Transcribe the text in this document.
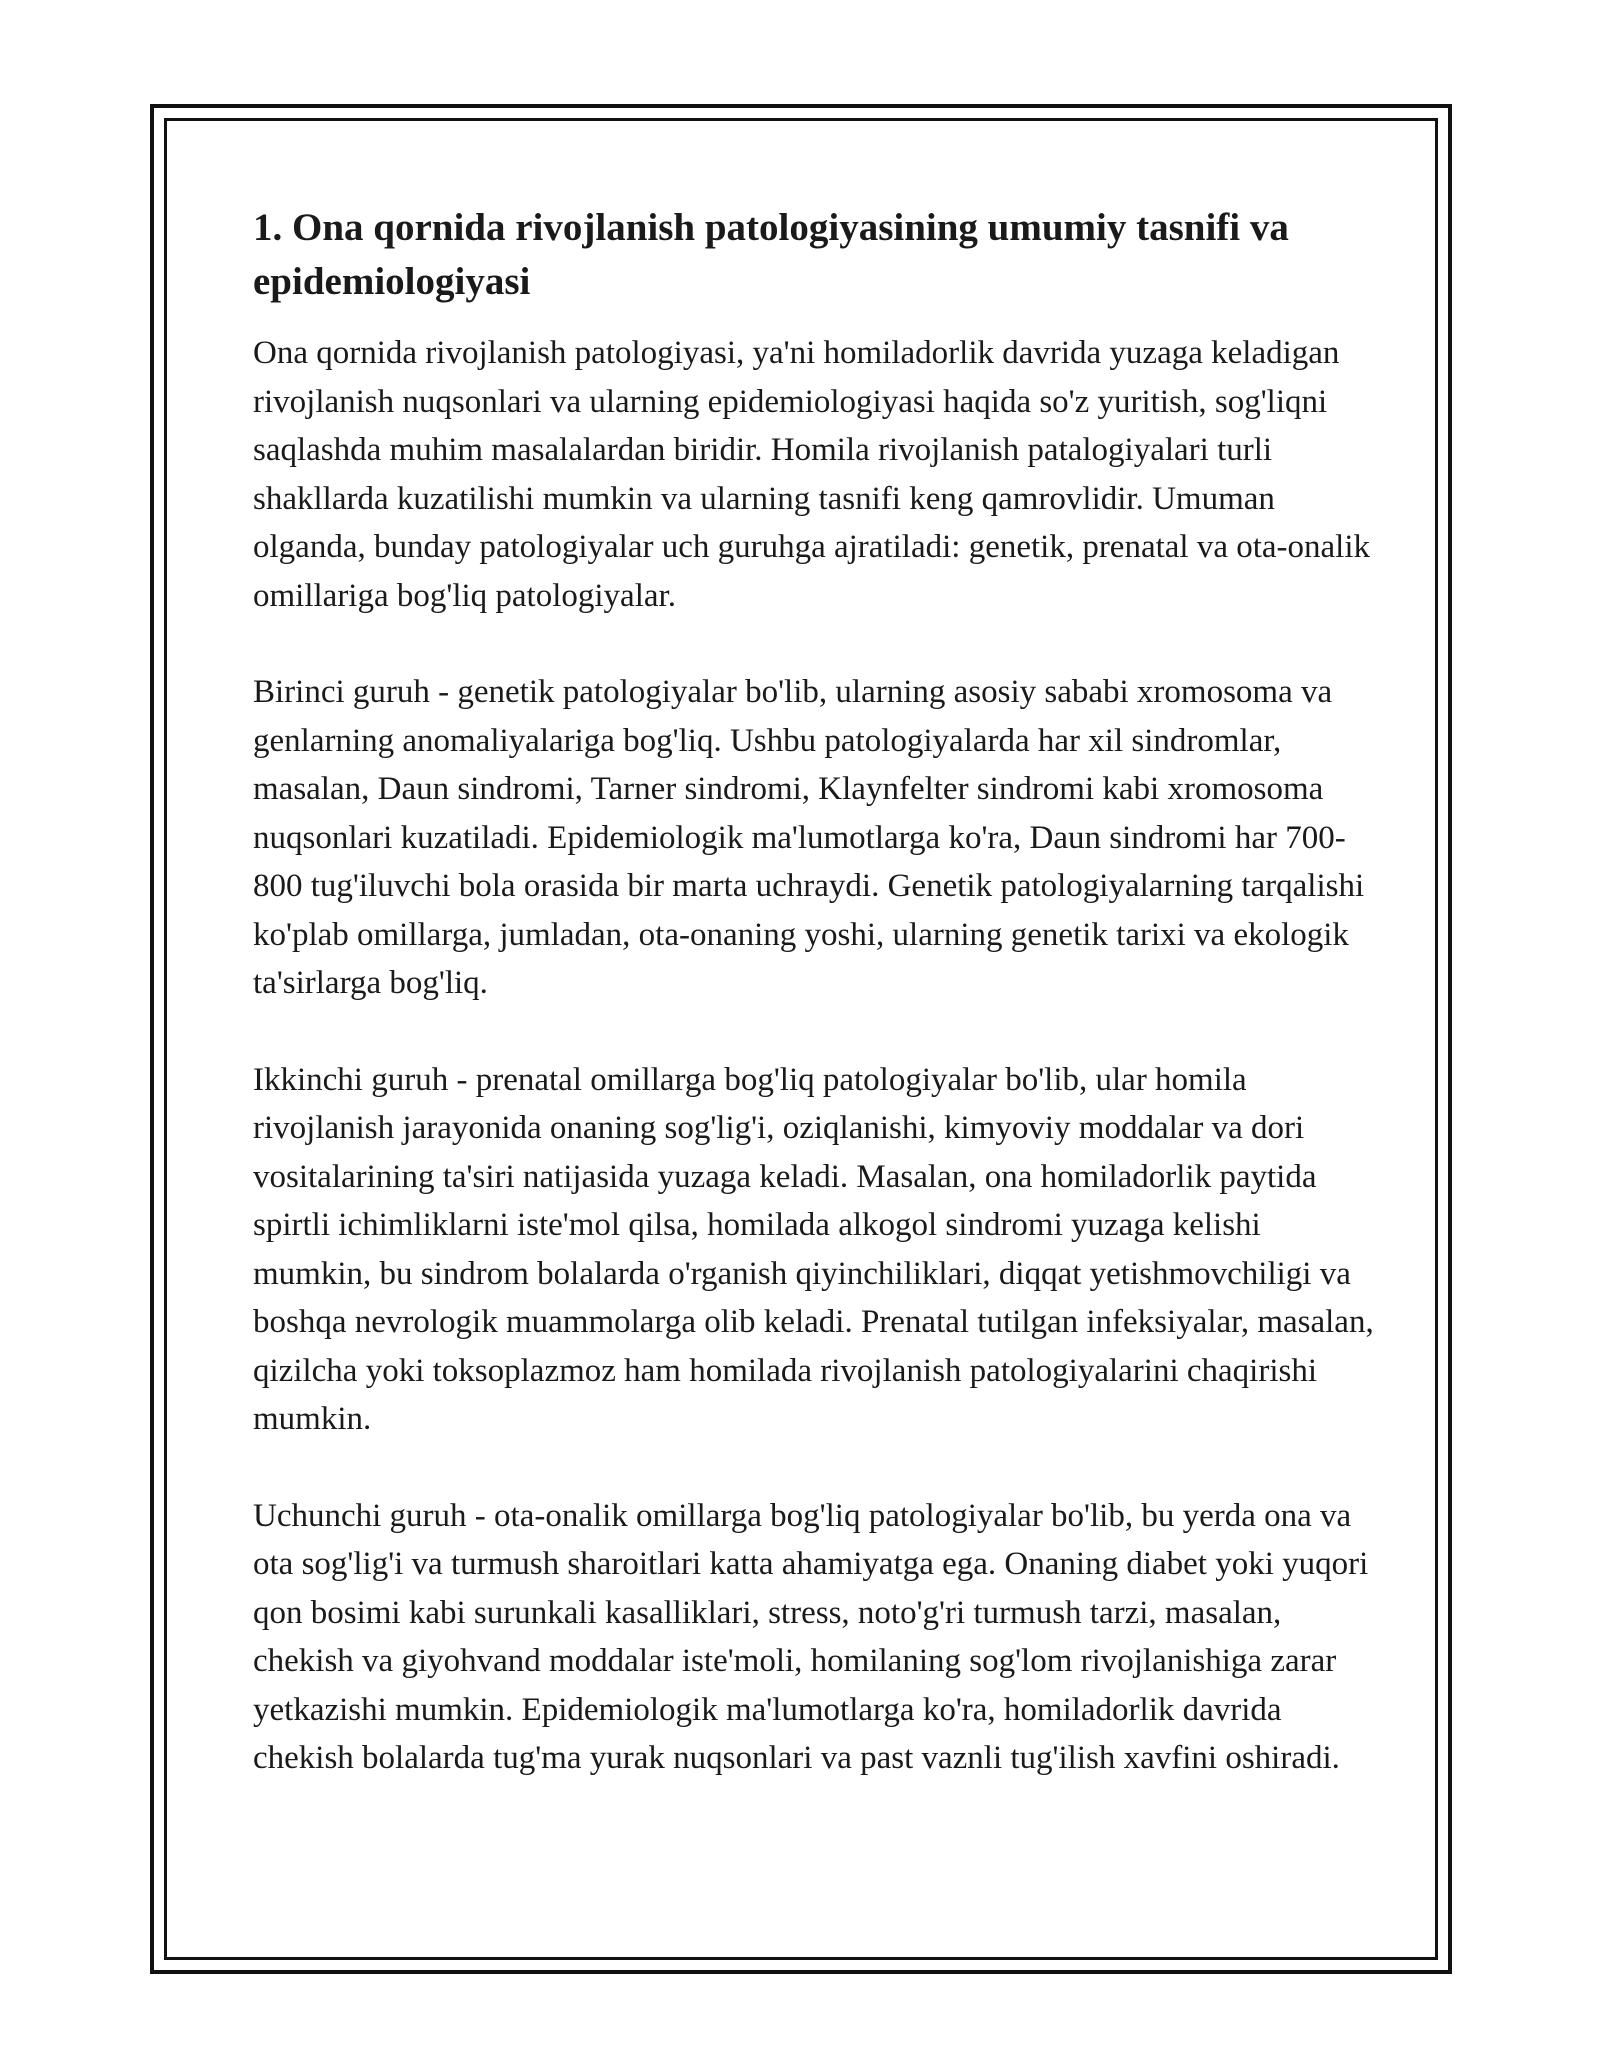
1. Ona qornida rivojlanish patologiyasining umumiy tasnifi va epidemiologiyasi

Ona qornida rivojlanish patologiyasi, ya'ni homiladorlik davrida yuzaga keladigan rivojlanish nuqsonlari va ularning epidemiologiyasi haqida so'z yuritish, sog'liqni saqlashda muhim masalalardan biridir. Homila rivojlanish patalogiyalari turli shakllarda kuzatilishi mumkin va ularning tasnifi keng qamrovlidir. Umuman olganda, bunday patologiyalar uch guruhga ajratiladi: genetik, prenatal va ota-onalik omillariga bog'liq patologiyalar.

Birinci guruh - genetik patologiyalar bo'lib, ularning asosiy sababi xromosoma va genlarning anomaliyalariga bog'liq. Ushbu patologiyalarda har xil sindromlar, masalan, Daun sindromi, Tarner sindromi, Klaynfelter sindromi kabi xromosoma nuqsonlari kuzatiladi. Epidemiologik ma'lumotlarga ko'ra, Daun sindromi har 700-800 tug'iluvchi bola orasida bir marta uchraydi. Genetik patologiyalarning tarqalishi ko'plab omillarga, jumladan, ota-onaning yoshi, ularning genetik tarixi va ekologik ta'sirlarga bog'liq.

Ikkinchi guruh - prenatal omillarga bog'liq patologiyalar bo'lib, ular homila rivojlanish jarayonida onaning sog'lig'i, oziqlanishi, kimyoviy moddalar va dori vositalarining ta'siri natijasida yuzaga keladi. Masalan, ona homiladorlik paytida spirtli ichimliklarni iste'mol qilsa, homilada alkogol sindromi yuzaga kelishi mumkin, bu sindrom bolalarda o'rganish qiyinchiliklari, diqqat yetishmovchiligi va boshqa nevrologik muammolarga olib keladi. Prenatal tutilgan infeksiyalar, masalan, qizilcha yoki toksoplazmoz ham homilada rivojlanish patologiyalarini chaqirishi mumkin.

Uchunchi guruh - ota-onalik omillarga bog'liq patologiyalar bo'lib, bu yerda ona va ota sog'lig'i va turmush sharoitlari katta ahamiyatga ega. Onaning diabet yoki yuqori qon bosimi kabi surunkali kasalliklari, stress, noto'g'ri turmush tarzi, masalan, chekish va giyohvand moddalar iste'moli, homilaning sog'lom rivojlanishiga zarar yetkazishi mumkin. Epidemiologik ma'lumotlarga ko'ra, homiladorlik davrida chekish bolalarda tug'ma yurak nuqsonlari va past vaznli tug'ilish xavfini oshiradi.
